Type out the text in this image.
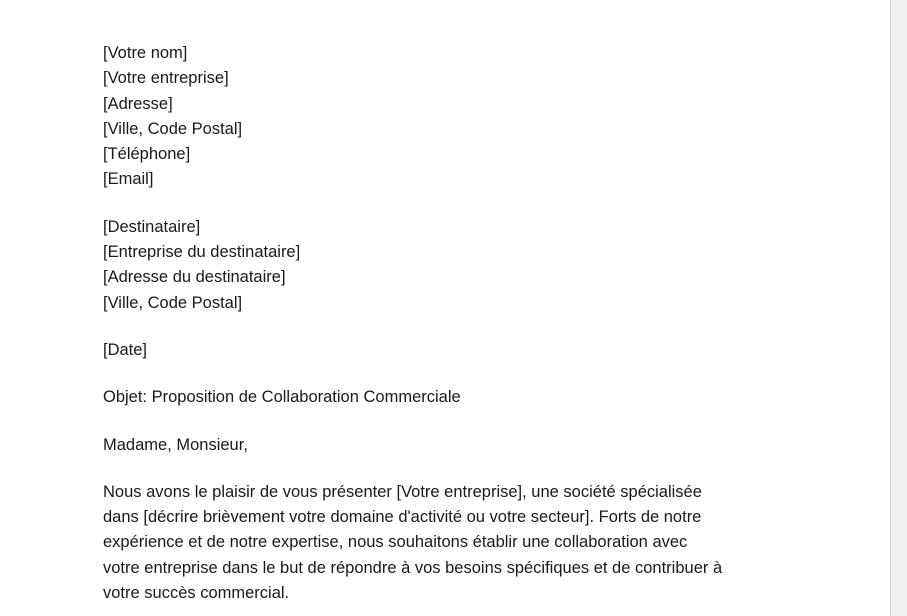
[Votre nom]
[Votre entreprise]
[Adresse]
[Ville, Code Postal]
[Téléphone]
[Email]
[Destinataire]
[Entreprise du destinataire]
[Adresse du destinataire]
[Ville, Code Postal]
[Date]
Objet: Proposition de Collaboration Commerciale
Madame, Monsieur,
Nous avons le plaisir de vous présenter [Votre entreprise], une société spécialisée
dans [décrire brièvement votre domaine d'activité ou votre secteur]. Forts de notre
expérience et de notre expertise, nous souhaitons établir une collaboration avec
votre entreprise dans le but de répondre à vos besoins spécifiques et de contribuer à
votre succès commercial.
